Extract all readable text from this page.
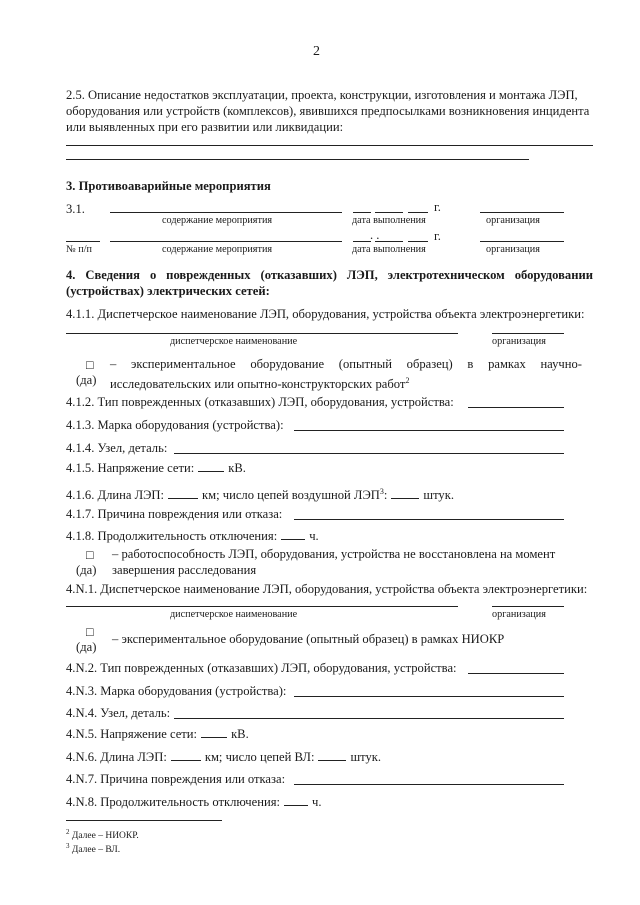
2
2.5. Описание недостатков эксплуатации, проекта, конструкции, изготовления и монтажа ЛЭП,
оборудования или устройств (комплексов), явившихся предпосылками возникновения инцидента
или выявленных при его развитии или ликвидации:
3. Противоаварийные мероприятия
3.1.	г.
содержание мероприятия	дата выполнения	организация
. .	г.
№ п/п	содержание мероприятия	дата выполнения	организация
4. Сведения о поврежденных (отказавших) ЛЭП, электротехническом оборудовании
(устройствах) электрических сетей:
4.1.1. Диспетчерское наименование ЛЭП, оборудования, устройства объекта электроэнергетики:
диспетчерское наименование	организация
□ – экспериментальное оборудование (опытный образец) в рамках научно-
(да) исследовательских или опытно-конструкторских работ$^2$
4.1.2. Тип поврежденных (отказавших) ЛЭП, оборудования, устройства:
4.1.3. Марка оборудования (устройства):
4.1.4. Узел, деталь:
4.1.5. Напряжение сети:	кВ.
4.1.6. Длина ЛЭП:	км; число цепей воздушной ЛЭП$^3$:	штук.
4.1.7. Причина повреждения или отказа:
4.1.8. Продолжительность отключения:	ч.
□ – работоспособность ЛЭП, оборудования, устройства не восстановлена на момент
(да) завершения расследования
4.N.1. Диспетчерское наименование ЛЭП, оборудования, устройства объекта электроэнергетики:
диспетчерское наименование	организация
□ – экспериментальное оборудование (опытный образец) в рамках НИОКР
(да)
4.N.2. Тип поврежденных (отказавших) ЛЭП, оборудования, устройства:
4.N.3. Марка оборудования (устройства):
4.N.4. Узел, деталь:
4.N.5. Напряжение сети:	кВ.
4.N.6. Длина ЛЭП:	км; число цепей ВЛ:	штук.
4.N.7. Причина повреждения или отказа:
4.N.8. Продолжительность отключения:	ч.
$^2$ Далее – НИОКР.
$^3$ Далее – ВЛ.
